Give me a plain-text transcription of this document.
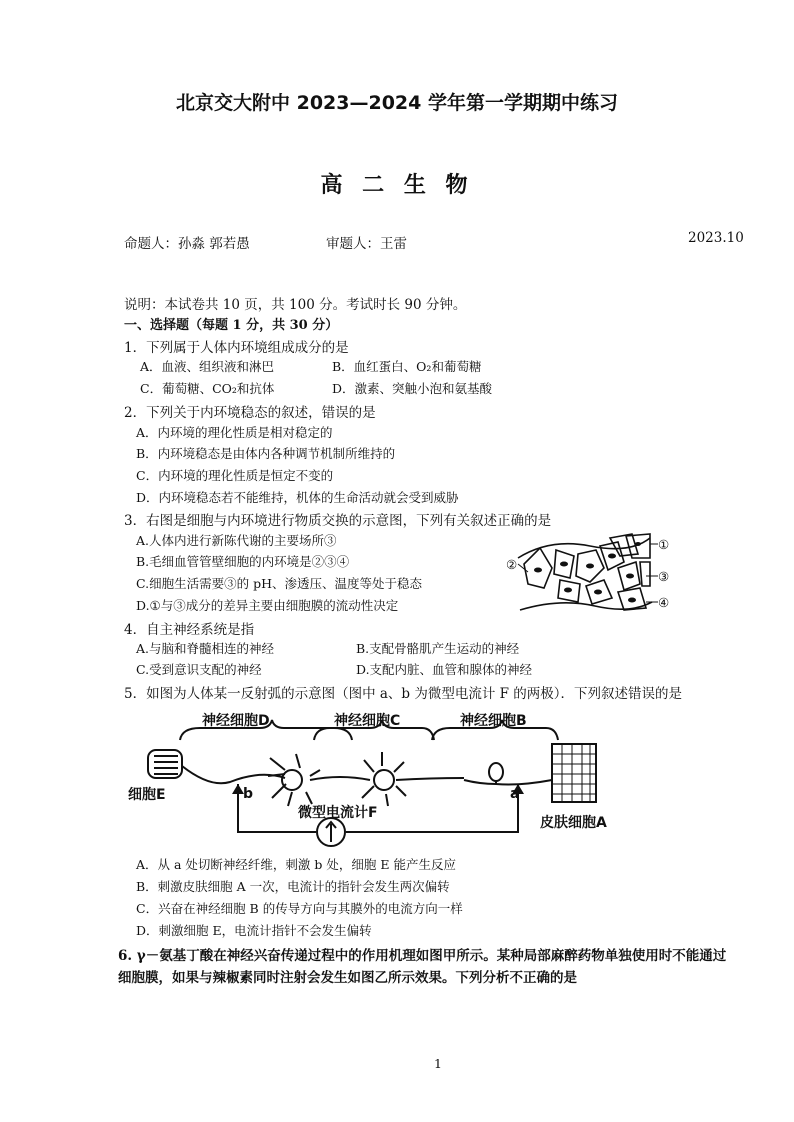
北京交大附中 2023—2024 学年第一学期期中练习
高 二 生 物
命题人：孙淼 郭若愚	审题人：王雷	2023.10
说明：本试卷共 10 页，共 100 分。考试时长 90 分钟。
一、选择题（每题 1 分，共 30 分）
1．下列属于人体内环境组成成分的是
A．血液、组织液和淋巴	B．血红蛋白、O₂和葡萄糖
C．葡萄糖、CO₂和抗体	D．激素、突触小泡和氨基酸
2．下列关于内环境稳态的叙述，错误的是
A．内环境的理化性质是相对稳定的
B．内环境稳态是由体内各种调节机制所维持的
C．内环境的理化性质是恒定不变的
D．内环境稳态若不能维持，机体的生命活动就会受到威胁
3．右图是细胞与内环境进行物质交换的示意图，下列有关叙述正确的是
A.人体内进行新陈代谢的主要场所③
B.毛细血管管壁细胞的内环境是②③④
C.细胞生活需要③的 pH、渗透压、温度等处于稳态
D.①与③成分的差异主要由细胞膜的流动性决定
①
②
③
④
4．自主神经系统是指
A.与脑和脊髓相连的神经	B.支配骨骼肌产生运动的神经
C.受到意识支配的神经	D.支配内脏、血管和腺体的神经
5．如图为人体某一反射弧的示意图（图中 a、b 为微型电流计 F 的两极）．下列叙述错误的是
神经细胞D	神经细胞C	神经细胞B
细胞E
皮肤细胞A
微型电流计F
a
b
A．从 a 处切断神经纤维，刺激 b 处，细胞 E 能产生反应
B．刺激皮肤细胞 A 一次，电流计的指针会发生两次偏转
C．兴奋在神经细胞 B 的传导方向与其膜外的电流方向一样
D．刺激细胞 E，电流计指针不会发生偏转
6. γ－氨基丁酸在神经兴奋传递过程中的作用机理如图甲所示。某种局部麻醉药物单独使用时不能通过
细胞膜，如果与辣椒素同时注射会发生如图乙所示效果。下列分析不正确的是
1
